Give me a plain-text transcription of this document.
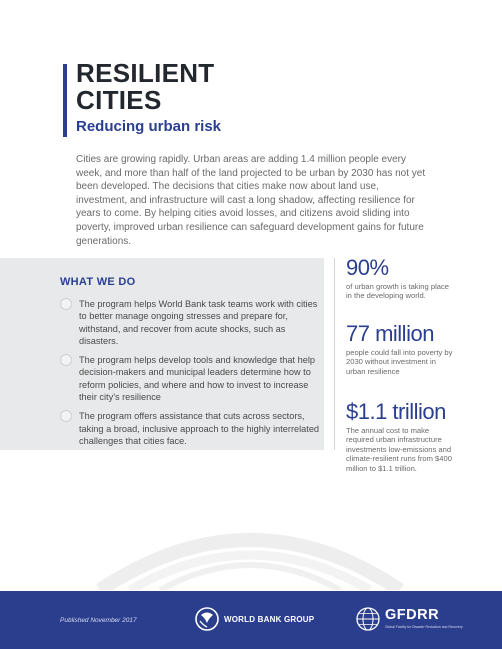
RESILIENT
CITIES
Reducing urban risk

Cities are growing rapidly. Urban areas are adding 1.4 million people every week, and more than half of the land projected to be urban by 2030 has not yet been developed. The decisions that cities make now about land use, investment, and infrastructure will cast a long shadow, affecting resilience for years to come. By helping cities avoid losses, and citizens avoid sliding into poverty, improved urban resilience can safeguard development gains for future generations.

WHAT WE DO
The program helps World Bank task teams work with cities to better manage ongoing stresses and prepare for, withstand, and recover from acute shocks, such as disasters.
The program helps develop tools and knowledge that help decision-makers and municipal leaders determine how to reform policies, and where and how to invest to increase their city's resilience
The program offers assistance that cuts across sectors, taking a broad, inclusive approach to the highly interrelated challenges that cities face.
90%
of urban growth is taking place in the developing world.
77 million
people could fall into poverty by 2030 without investment in urban resilience
$1.1 trillion
The annual cost to make required urban infrastructure investments low-emissions and climate-resilient runs from $400 million to $1.1 trillion.
Published November 2017	WORLD BANK GROUP	GFDRR
Global Facility for Disaster Reduction and Recovery
